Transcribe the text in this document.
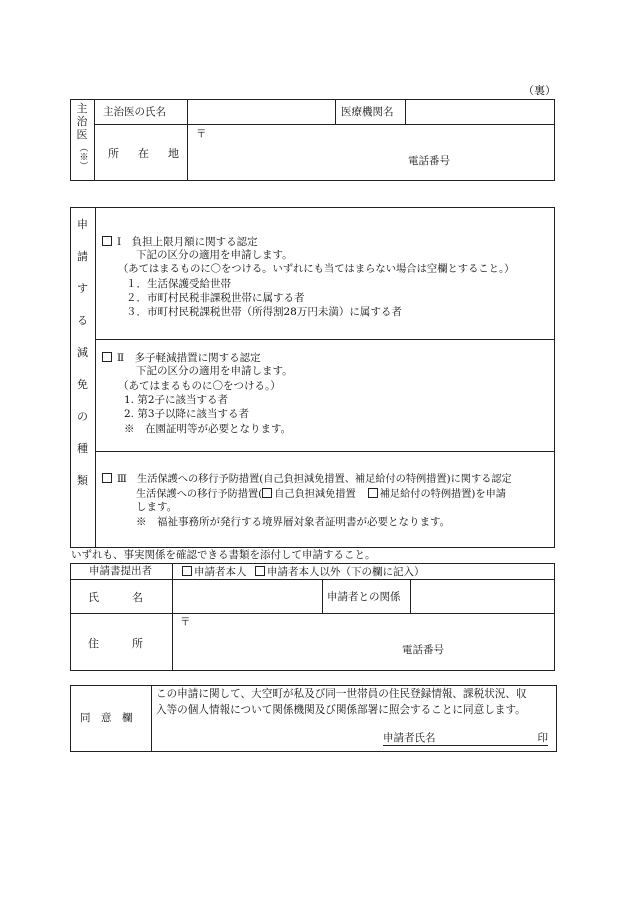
（裏）
主
治
医
（※）
主治医の氏名	医療機関名
所　在　地
〒
電話番号
申
請
す
る
減
免
の
種
類
Ⅰ　負担上限月額に関する認定
下記の区分の適用を申請します。
（あてはまるものに〇をつける。いずれにも当てはまらない場合は空欄とすること。）
１．生活保護受給世帯
２．市町村民税非課税世帯に属する者
３．市町村民税課税世帯（所得割28万円未満）に属する者
Ⅱ　多子軽減措置に関する認定
下記の区分の適用を申請します。
（あてはまるものに〇をつける。）
1. 第2子に該当する者
2. 第3子以降に該当する者
※　在園証明等が必要となります。
Ⅲ　生活保護への移行予防措置(自己負担減免措置、補足給付の特例措置)に関する認定
生活保護への移行予防措置( 自己負担減免措置 補足給付の特例措置)を申請
します。
※　福祉事務所が発行する境界層対象者証明書が必要となります。
いずれも、事実関係を確認できる書類を添付して申請すること。
申請書提出者	申請者本人	申請者本人以外（下の欄に記入）
氏　　　名	申請者との関係
住　　　所
〒
電話番号
同　意　欄
この申請に関して、大空町が私及び同一世帯員の住民登録情報、課税状況、収
入等の個人情報について関係機関及び関係部署に照会することに同意します。
申請者氏名	印
